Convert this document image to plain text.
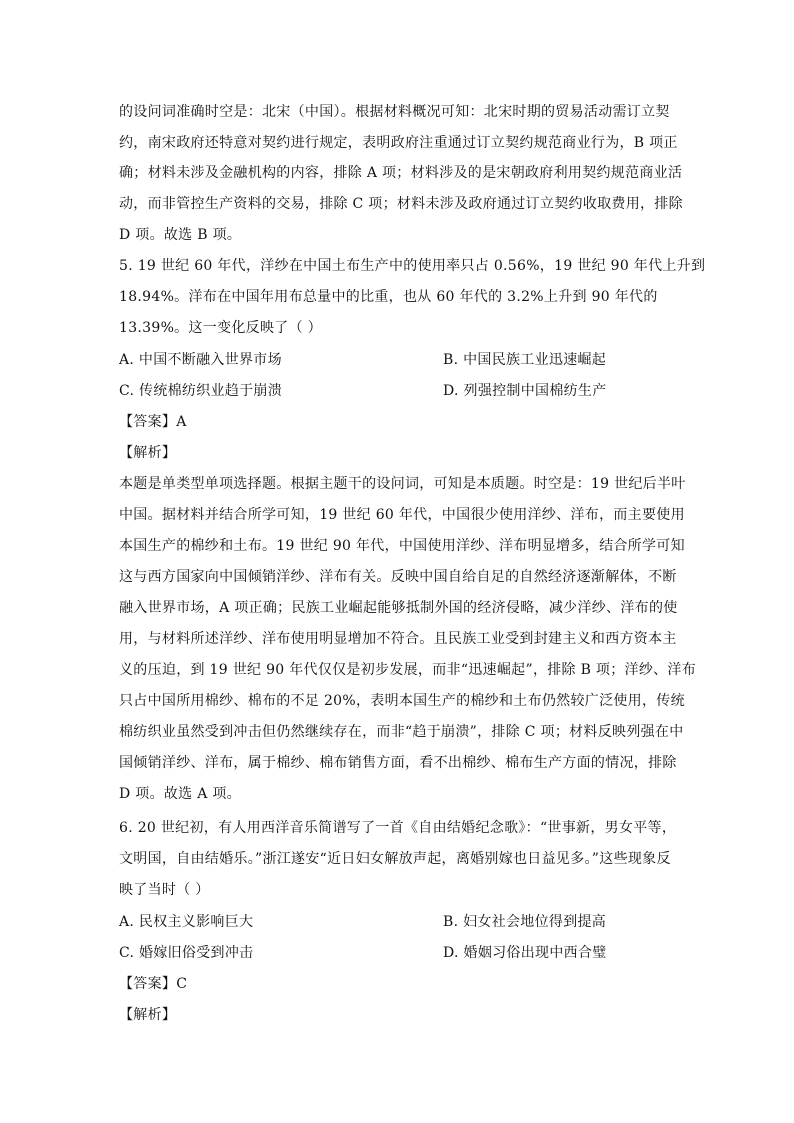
的设问词准确时空是：北宋（中国）。根据材料概况可知：北宋时期的贸易活动需订立契
约，南宋政府还特意对契约进行规定，表明政府注重通过订立契约规范商业行为，B 项正
确；材料未涉及金融机构的内容，排除 A 项；材料涉及的是宋朝政府利用契约规范商业活
动，而非管控生产资料的交易，排除 C 项；材料未涉及政府通过订立契约收取费用，排除
D 项。故选 B 项。
5. 19 世纪 60 年代，洋纱在中国土布生产中的使用率只占 0.56%，19 世纪 90 年代上升到
18.94%。洋布在中国年用布总量中的比重，也从 60 年代的 3.2%上升到 90 年代的
13.39%。这一变化反映了（ ）
A. 中国不断融入世界市场	B. 中国民族工业迅速崛起
C. 传统棉纺织业趋于崩溃	D. 列强控制中国棉纺生产
【答案】A
【解析】
本题是单类型单项选择题。根据主题干的设问词，可知是本质题。时空是：19 世纪后半叶
中国。据材料并结合所学可知，19 世纪 60 年代，中国很少使用洋纱、洋布，而主要使用
本国生产的棉纱和土布。19 世纪 90 年代，中国使用洋纱、洋布明显增多，结合所学可知
这与西方国家向中国倾销洋纱、洋布有关。反映中国自给自足的自然经济逐渐解体，不断
融入世界市场，A 项正确；民族工业崛起能够抵制外国的经济侵略，减少洋纱、洋布的使
用，与材料所述洋纱、洋布使用明显增加不符合。且民族工业受到封建主义和西方资本主
义的压迫，到 19 世纪 90 年代仅仅是初步发展，而非“迅速崛起”，排除 B 项；洋纱、洋布
只占中国所用棉纱、棉布的不足 20%，表明本国生产的棉纱和土布仍然较广泛使用，传统
棉纺织业虽然受到冲击但仍然继续存在，而非“趋于崩溃”，排除 C 项；材料反映列强在中
国倾销洋纱、洋布，属于棉纱、棉布销售方面，看不出棉纱、棉布生产方面的情况，排除
D 项。故选 A 项。
6. 20 世纪初，有人用西洋音乐简谱写了一首《自由结婚纪念歌》：“世事新，男女平等，
文明国，自由结婚乐。”浙江遂安“近日妇女解放声起，离婚别嫁也日益见多。”这些现象反
映了当时（ ）
A. 民权主义影响巨大	B. 妇女社会地位得到提高
C. 婚嫁旧俗受到冲击	D. 婚姻习俗出现中西合璧
【答案】C
【解析】
